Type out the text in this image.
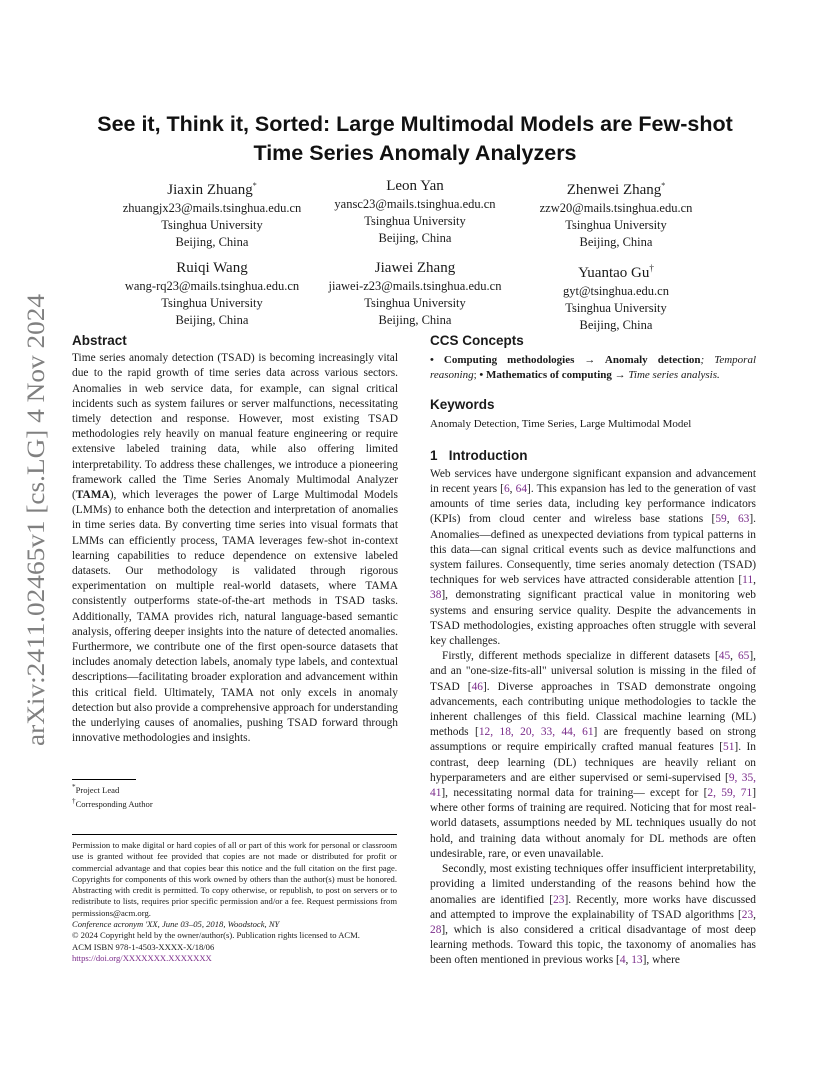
arXiv:2411.02465v1 [cs.LG] 4 Nov 2024
See it, Think it, Sorted: Large Multimodal Models are Few-shot
Time Series Anomaly Analyzers
Jiaxin Zhuang*
zhuangjx23@mails.tsinghua.edu.cn
Tsinghua University
Beijing, China
Leon Yan
yansc23@mails.tsinghua.edu.cn
Tsinghua University
Beijing, China
Zhenwei Zhang*
zzw20@mails.tsinghua.edu.cn
Tsinghua University
Beijing, China
Ruiqi Wang
wang-rq23@mails.tsinghua.edu.cn
Tsinghua University
Beijing, China
Jiawei Zhang
jiawei-z23@mails.tsinghua.edu.cn
Tsinghua University
Beijing, China
Yuantao Gu†
gyt@tsinghua.edu.cn
Tsinghua University
Beijing, China
Abstract

Time series anomaly detection (TSAD) is becoming increasingly vital due to the rapid growth of time series data across various sectors. Anomalies in web service data, for example, can signal critical incidents such as system failures or server malfunctions, necessitating timely detection and response. However, most existing TSAD methodologies rely heavily on manual feature engineering or require extensive labeled training data, while also offering limited interpretability. To address these challenges, we introduce a pioneering framework called the Time Series Anomaly Multimodal Analyzer (TAMA), which leverages the power of Large Multimodal Models (LMMs) to enhance both the detection and interpretation of anomalies in time series data. By converting time series into visual formats that LMMs can efficiently process, TAMA leverages few-shot in-context learning capabilities to reduce dependence on extensive labeled datasets. Our methodology is validated through rigorous experimentation on multiple real-world datasets, where TAMA consistently outperforms state-of-the-art methods in TSAD tasks. Additionally, TAMA provides rich, natural language-based semantic analysis, offering deeper insights into the nature of detected anomalies. Furthermore, we contribute one of the first open-source datasets that includes anomaly detection labels, anomaly type labels, and contextual descriptions—facilitating broader exploration and advancement within this critical field. Ultimately, TAMA not only excels in anomaly detection but also provide a comprehensive approach for understanding the underlying causes of anomalies, pushing TSAD forward through innovative methodologies and insights.

*Project Lead
†Corresponding Author

Permission to make digital or hard copies of all or part of this work for personal or classroom use is granted without fee provided that copies are not made or distributed for profit or commercial advantage and that copies bear this notice and the full citation on the first page. Copyrights for components of this work owned by others than the author(s) must be honored. Abstracting with credit is permitted. To copy otherwise, or republish, to post on servers or to redistribute to lists, requires prior specific permission and/or a fee. Request permissions from permissions@acm.org.

Conference acronym 'XX, June 03–05, 2018, Woodstock, NY
© 2024 Copyright held by the owner/author(s). Publication rights licensed to ACM.
ACM ISBN 978-1-4503-XXXX-X/18/06
https://doi.org/XXXXXXX.XXXXXXX
CCS Concepts

• Computing methodologies → Anomaly detection; Temporal reasoning; • Mathematics of computing → Time series analysis.

Keywords

Anomaly Detection, Time Series, Large Multimodal Model

1   Introduction

Web services have undergone significant expansion and advancement in recent years [6, 64]. This expansion has led to the generation of vast amounts of time series data, including key performance indicators (KPIs) from cloud center and wireless base stations [59, 63]. Anomalies—defined as unexpected deviations from typical patterns in this data—can signal critical events such as device malfunctions and system failures. Consequently, time series anomaly detection (TSAD) techniques for web services have attracted considerable attention [11, 38], demonstrating significant practical value in monitoring web systems and ensuring service quality. Despite the advancements in TSAD methodologies, existing approaches often struggle with several key challenges.

Firstly, different methods specialize in different datasets [45, 65], and an "one-size-fits-all" universal solution is missing in the filed of TSAD [46]. Diverse approaches in TSAD demonstrate ongoing advancements, each contributing unique methodologies to tackle the inherent challenges of this field. Classical machine learning (ML) methods [12, 18, 20, 33, 44, 61] are frequently based on strong assumptions or require empirically crafted manual features [51]. In contrast, deep learning (DL) techniques are heavily reliant on hyperparameters and are either supervised or semi-supervised [9, 35, 41], necessitating normal data for training— except for [2, 59, 71] where other forms of training are required. Noticing that for most real-world datasets, assumptions needed by ML techniques usually do not hold, and training data without anomaly for DL methods are often undesirable, rare, or even unavailable.

Secondly, most existing techniques offer insufficient interpretability, providing a limited understanding of the reasons behind how the anomalies are identified [23]. Recently, more works have discussed and attempted to improve the explainability of TSAD algorithms [23, 28], which is also considered a critical disadvantage of most deep learning methods. Toward this topic, the taxonomy of anomalies has been often mentioned in previous works [4, 13], where
